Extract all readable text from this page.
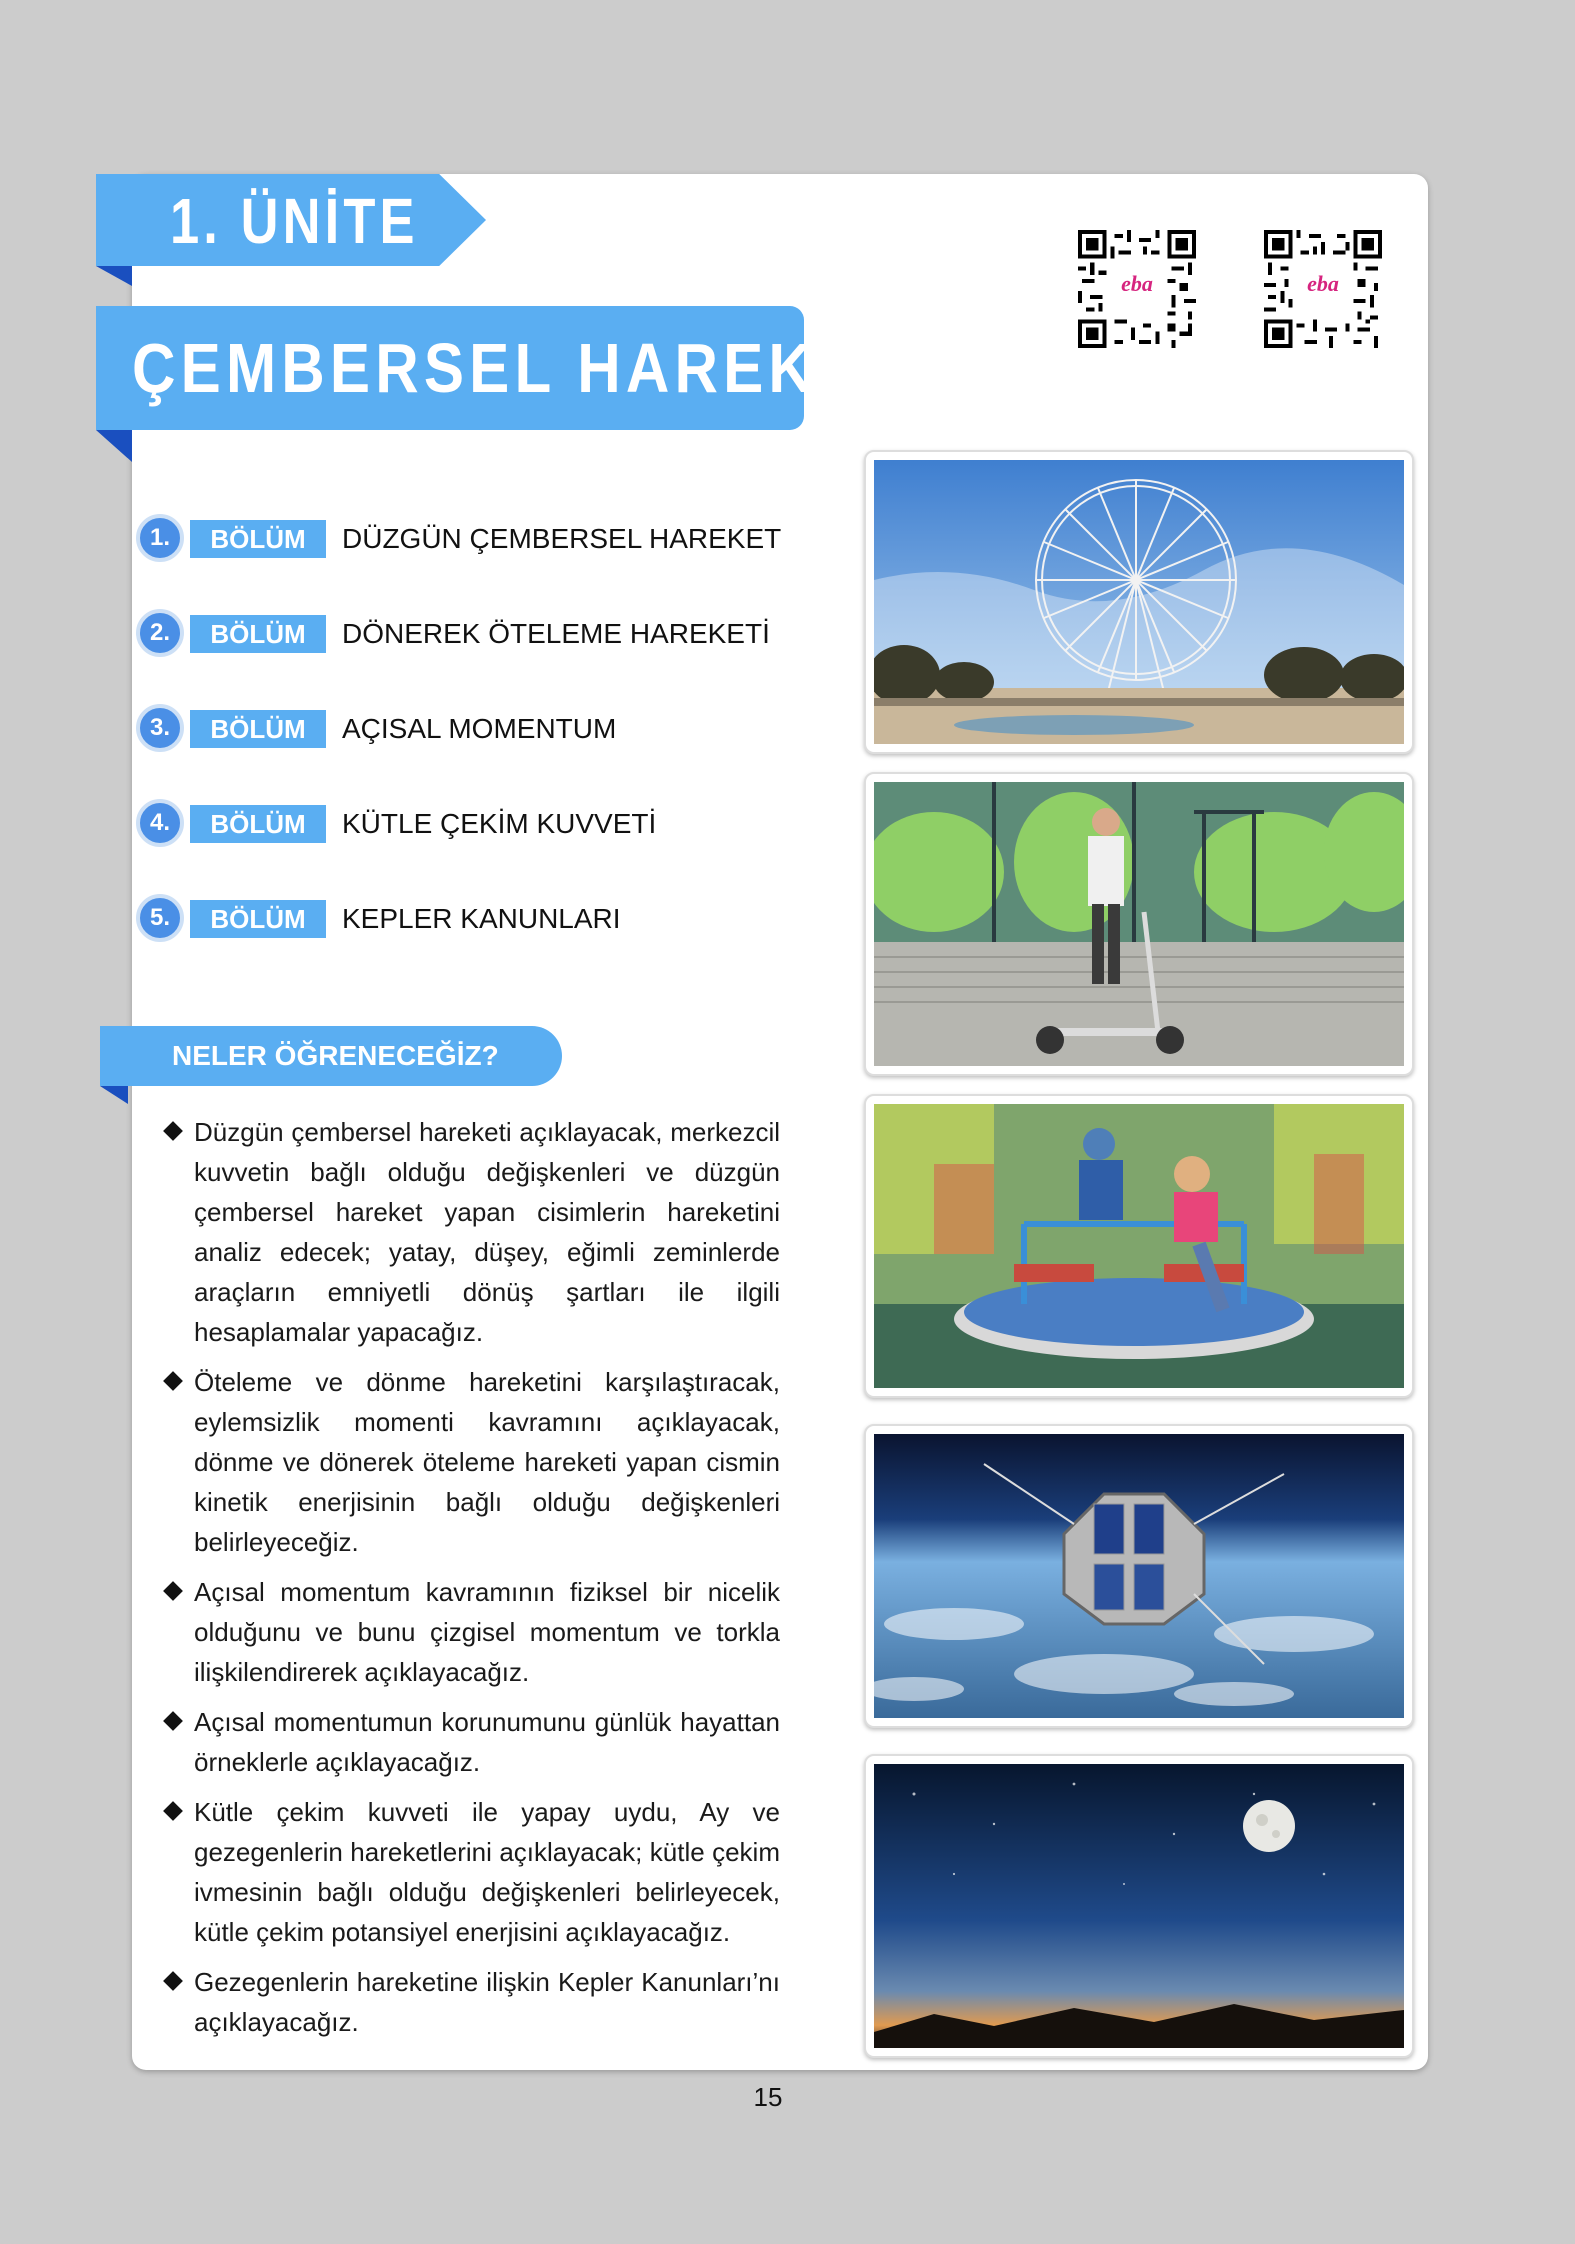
1. ÜNİTE
ÇEMBERSEL HAREKET
eba	eba
1.	BÖLÜM	DÜZGÜN ÇEMBERSEL HAREKET
2.	BÖLÜM	DÖNEREK ÖTELEME HAREKETİ
3.	BÖLÜM	AÇISAL MOMENTUM
4.	BÖLÜM	KÜTLE ÇEKİM KUVVETİ
5.	BÖLÜM	KEPLER KANUNLARI
NELER ÖĞRENECEĞİZ?
Düzgün çembersel hareketi açıklayacak, merkezcil kuvvetin bağlı olduğu değişkenleri ve düzgün çembersel hareket yapan cisimlerin hareketini analiz edecek; yatay, düşey, eğimli zeminlerde araçların emniyetli dönüş şartları ile ilgili hesaplamalar yapacağız.
Öteleme ve dönme hareketini karşılaştıracak, eylemsizlik momenti kavramını açıklayacak, dönme ve dönerek öteleme hareketi yapan cismin kinetik enerjisinin bağlı olduğu değişkenleri belirleyeceğiz.
Açısal momentum kavramının fiziksel bir nicelik olduğunu ve bunu çizgisel momentum ve torkla ilişkilendirerek açıklayacağız.
Açısal momentumun korunumunu günlük hayattan örneklerle açıklayacağız.
Kütle çekim kuvveti ile yapay uydu, Ay ve gezegenlerin hareketlerini açıklayacak; kütle çekim ivmesinin bağlı olduğu değişkenleri belirleyecek, kütle çekim potansiyel enerjisini açıklayacağız.
Gezegenlerin hareketine ilişkin Kepler Kanunları’nı açıklayacağız.
15
